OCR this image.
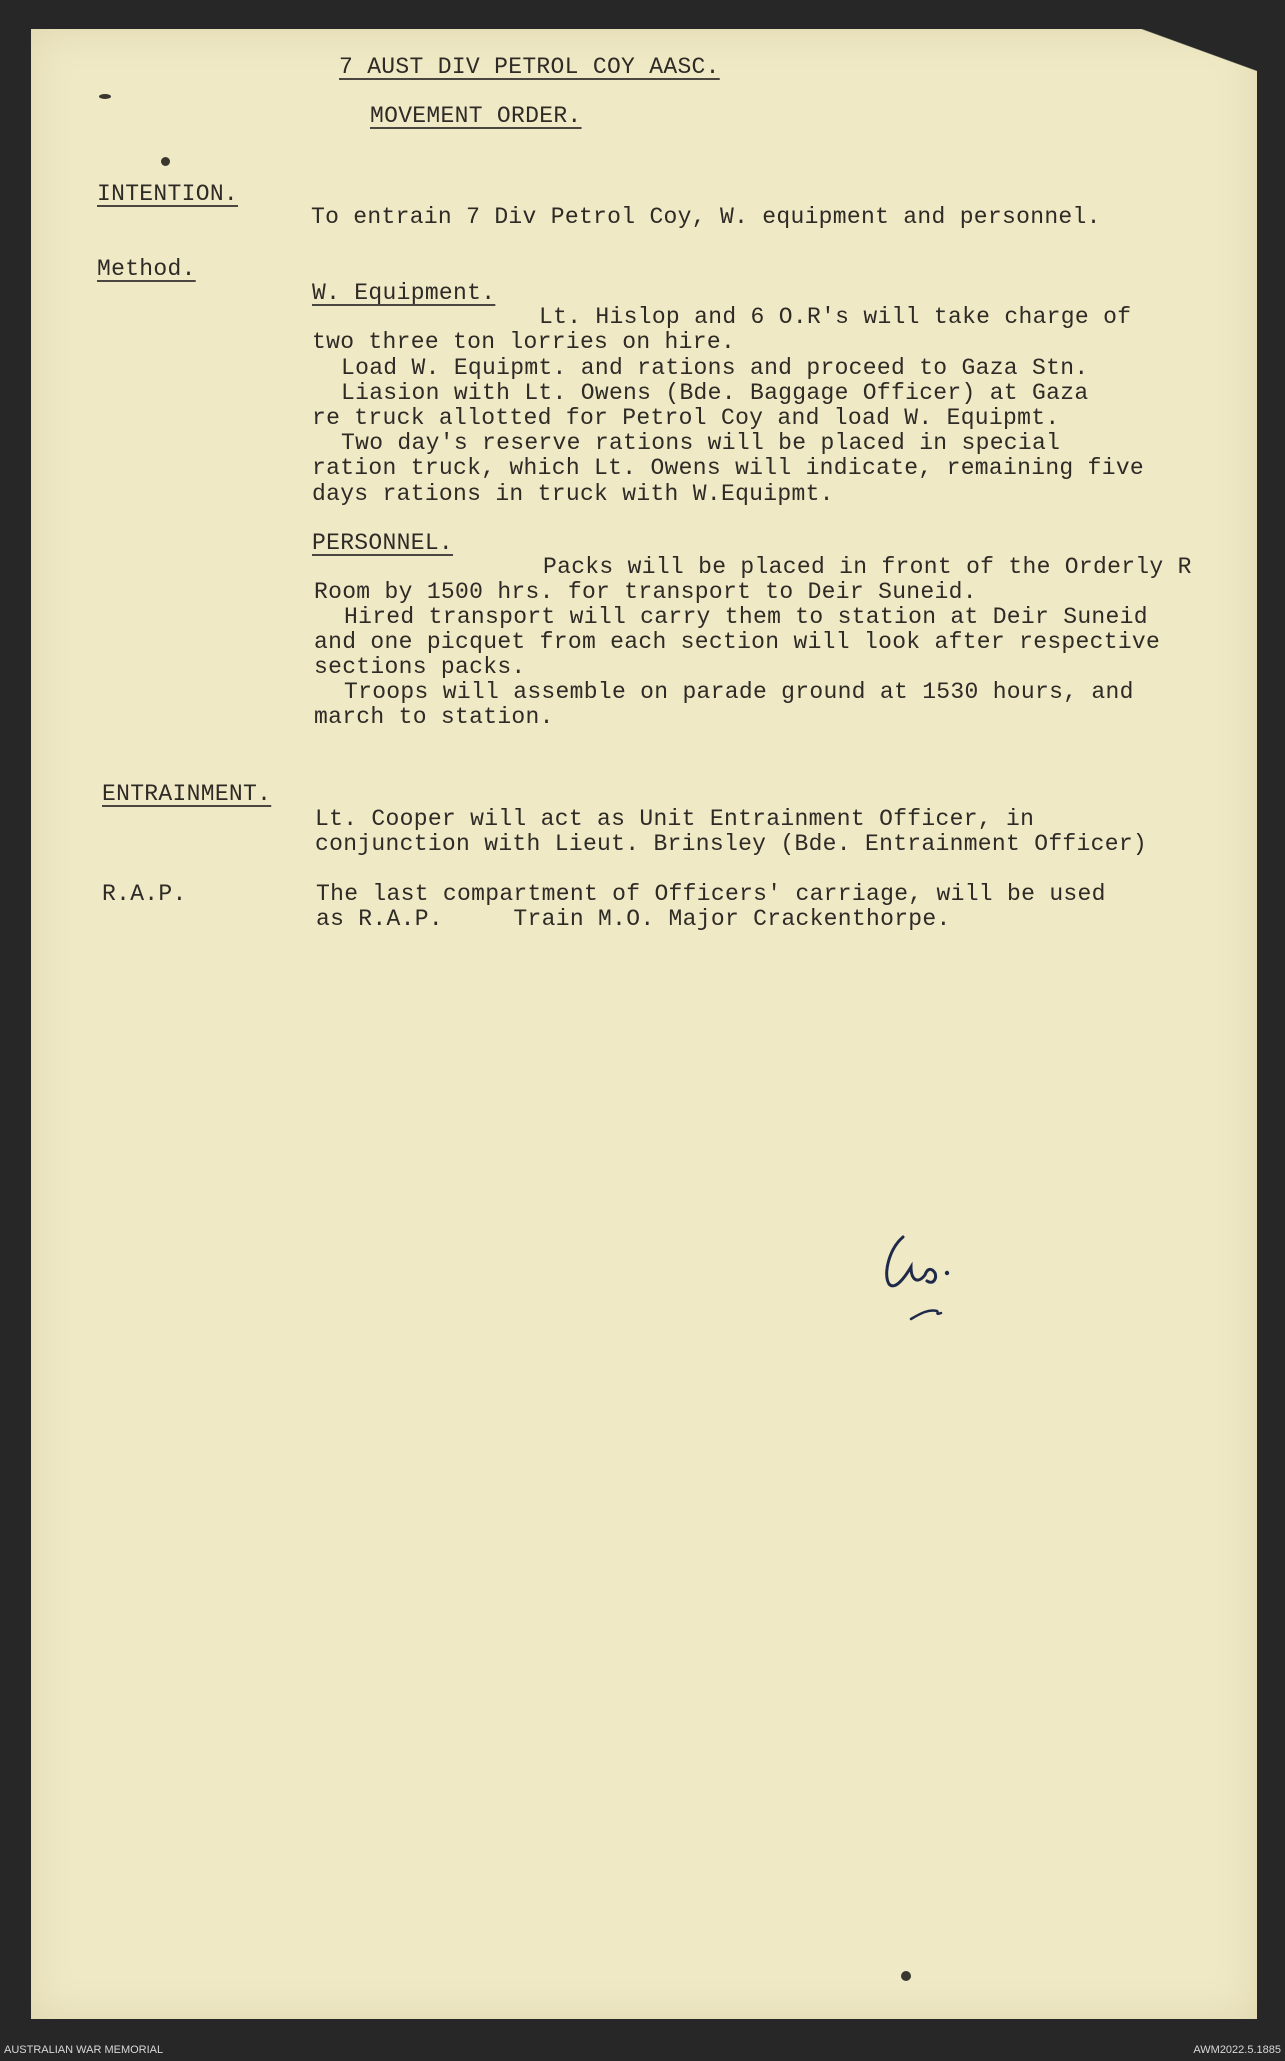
7 AUST DIV PETROL COY AASC.
MOVEMENT ORDER.
INTENTION.
To entrain 7 Div Petrol Coy, W. equipment and personnel.
Method.
W. Equipment.
Lt. Hislop and 6 O.R's will take charge of
two three ton lorries on hire.
Load W. Equipmt. and rations and proceed to Gaza Stn.
Liasion with Lt. Owens (Bde. Baggage Officer) at Gaza
re truck allotted for Petrol Coy and load W. Equipmt.
Two day's reserve rations will be placed in special
ration truck, which Lt. Owens will indicate, remaining five
days rations in truck with W.Equipmt.
PERSONNEL.
Packs will be placed in front of the Orderly R
Room by 1500 hrs. for transport to Deir Suneid.
Hired transport will carry them to station at Deir Suneid
and one picquet from each section will look after respective
sections packs.
Troops will assemble on parade ground at 1530 hours, and
march to station.
ENTRAINMENT.
Lt. Cooper will act as Unit Entrainment Officer, in
conjunction with Lieut. Brinsley (Bde. Entrainment Officer)
R.A.P.	The last compartment of Officers' carriage, will be used
as R.A.P.     Train M.O. Major Crackenthorpe.
AUSTRALIAN WAR MEMORIAL	AWM2022.5.1885
